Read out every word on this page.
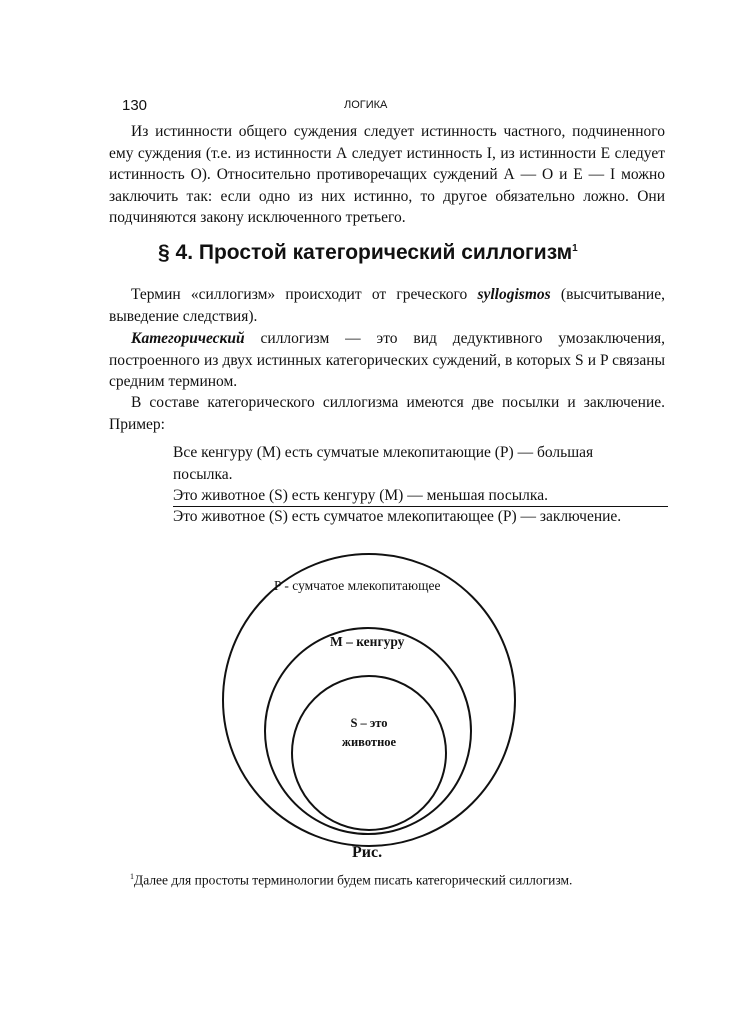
130	ЛОГИКА
Из истинности общего суждения следует истинность частного, подчиненного ему суждения (т.е. из истинности А следует истинность I, из истинности Е следует истинность О). Относительно противоречащих суждений А — О и Е — I можно заключить так: если одно из них истинно, то другое обязательно ложно. Они подчиняются закону исключенного третьего.
§ 4. Простой категорический силлогизм$^1$
Термин «силлогизм» происходит от греческого syllogismos (высчитывание, выведение следствия).
Категорический силлогизм — это вид дедуктивного умозаключения, построенного из двух истинных категорических суждений, в которых S и P связаны средним термином.
В составе категорического силлогизма имеются две посылки и заключение. Пример:
Все кенгуру (M) есть сумчатые млекопитающие (P) — большая посылка.
Это животное (S) есть кенгуру (M) — меньшая посылка.
Это животное (S) есть сумчатое млекопитающее (P) — заключение.
P - сумчатое млекопитающее
M – кенгуру
S – это
животное
Рис.
$^1$Далее для простоты терминологии будем писать категорический силлогизм.
